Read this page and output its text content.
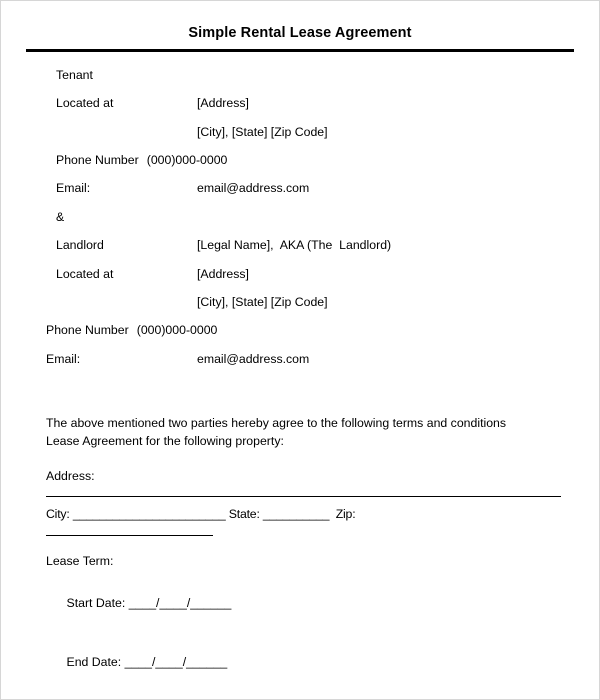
Simple Rental Lease Agreement
Tenant
Located at	[Address]
[City], [State] [Zip Code]
Phone Number (000)000-0000
Email:	email@address.com
&
Landlord	[Legal Name],  AKA (The  Landlord)
Located at	[Address]
[City], [State] [Zip Code]
Phone Number (000)000-0000
Email:	email@address.com

The above mentioned two parties hereby agree to the following terms and conditions
Lease Agreement for the following property:

Address:
City: _______________________ State: __________  Zip:
Lease Term:

Start Date: ____/____/______

End Date: ____/____/______
